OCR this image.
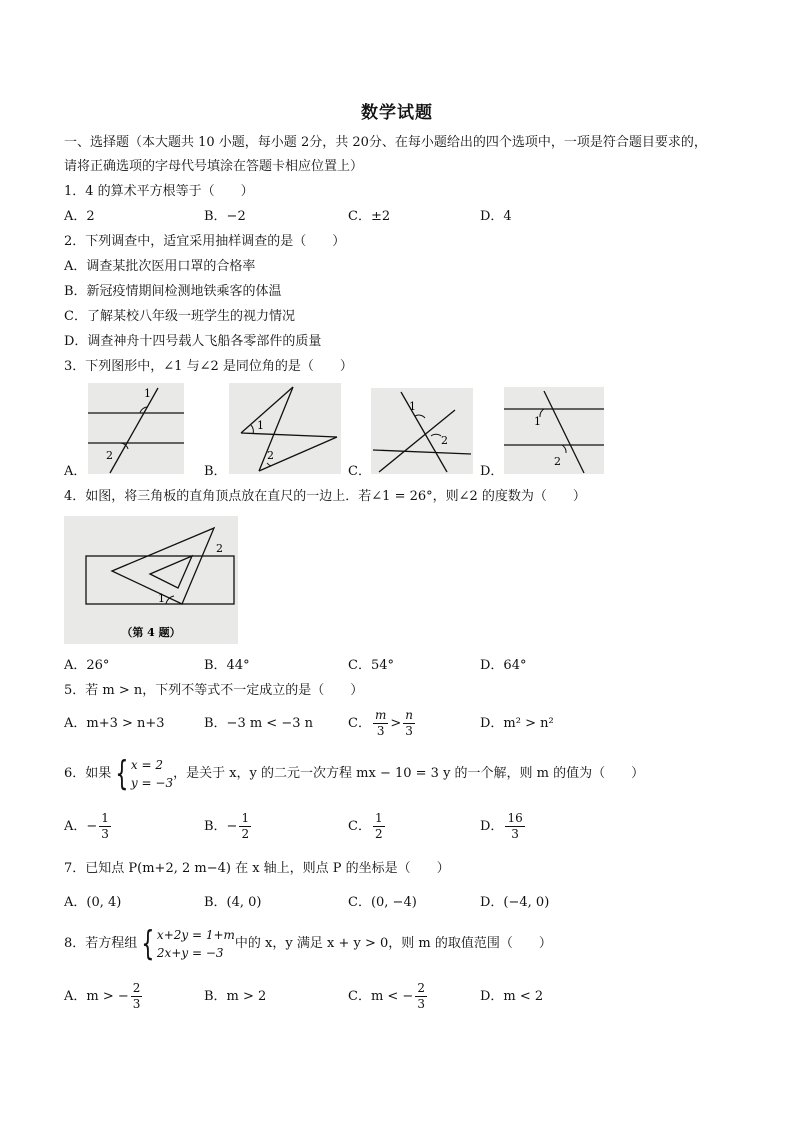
数学试题
一、选择题（本大题共 10 小题，每小题 2分，共 20分、在每小题给出的四个选项中，一项是符合题目要求的，
请将正确选项的字母代号填涂在答题卡相应位置上）
1．4 的算术平方根等于（　　）
A．2	B．−2	C．±2	D．4
2．下列调查中，适宜采用抽样调查的是（　　）
A．调查某批次医用口罩的合格率
B．新冠疫情期间检测地铁乘客的体温
C．了解某校八年级一班学生的视力情况
D．调查神舟十四号载人飞船各零部件的质量
3．下列图形中，∠1 与∠2 是同位角的是（　　）
A．
1
2
B．
1
2
C．
1
2
D．
1
2
4．如图，将三角板的直角顶点放在直尺的一边上．若∠1 = 26°，则∠2 的度数为（　　）
1
2
（第 4 题）
A．26°	B．44°	C．54°	D．64°
5．若 m > n，下列不等式不一定成立的是（　　）
A．m+3 > n+3	B．−3 m < −3 n	C． $\frac{m}{3} > \frac{n}{3}$	D．m² > n²
6．如果 { x = 2
y = −3
，是关于 x，y 的二元一次方程 mx − 10 = 3 y 的一个解，则 m 的值为（　　）
A．− $\frac{1}{3}$	B．− $\frac{1}{2}$	C． $\frac{1}{2}$	D． $\frac{16}{3}$
7．已知点 P(m+2, 2 m−4) 在 x 轴上，则点 P 的坐标是（　　）
A．(0, 4)	B．(4, 0)	C．(0, −4)	D．(−4, 0)
8．若方程组 { x+2y = 1+m
2x+y = −3
中的 x，y 满足 x + y > 0，则 m 的取值范围（　　）
A．m > − $\frac{2}{3}$	B．m > 2	C．m < − $\frac{2}{3}$	D．m < 2
